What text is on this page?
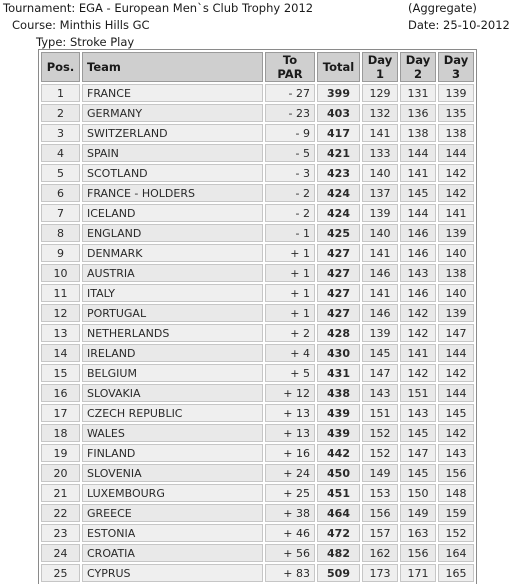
Tournament: EGA - European Men`s Club Trophy 2012
Course: Minthis Hills GC
Type: Stroke Play
(Aggregate)
Date: 25-10-2012
Pos.	Team	To PAR	Total	Day 1	Day 2	Day 3
1	FRANCE	- 27	399	129	131	139
2	GERMANY	- 23	403	132	136	135
3	SWITZERLAND	- 9	417	141	138	138
4	SPAIN	- 5	421	133	144	144
5	SCOTLAND	- 3	423	140	141	142
6	FRANCE - HOLDERS	- 2	424	137	145	142
7	ICELAND	- 2	424	139	144	141
8	ENGLAND	- 1	425	140	146	139
9	DENMARK	+ 1	427	141	146	140
10	AUSTRIA	+ 1	427	146	143	138
11	ITALY	+ 1	427	141	146	140
12	PORTUGAL	+ 1	427	146	142	139
13	NETHERLANDS	+ 2	428	139	142	147
14	IRELAND	+ 4	430	145	141	144
15	BELGIUM	+ 5	431	147	142	142
16	SLOVAKIA	+ 12	438	143	151	144
17	CZECH REPUBLIC	+ 13	439	151	143	145
18	WALES	+ 13	439	152	145	142
19	FINLAND	+ 16	442	152	147	143
20	SLOVENIA	+ 24	450	149	145	156
21	LUXEMBOURG	+ 25	451	153	150	148
22	GREECE	+ 38	464	156	149	159
23	ESTONIA	+ 46	472	157	163	152
24	CROATIA	+ 56	482	162	156	164
25	CYPRUS	+ 83	509	173	171	165
